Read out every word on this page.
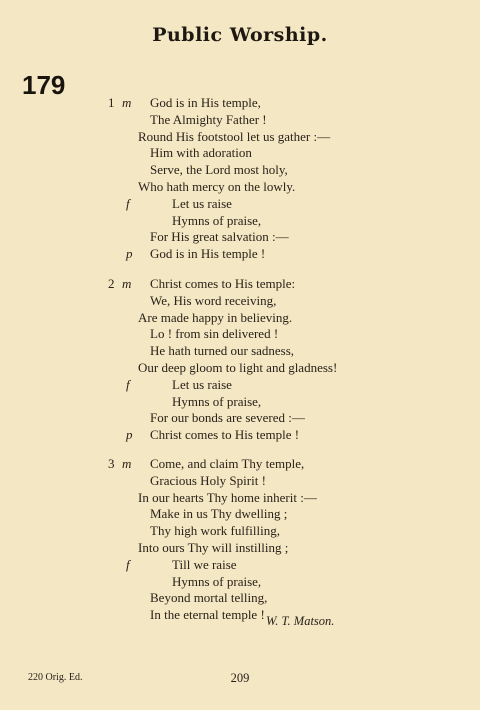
Public Worship.
179
1 m God is in His temple,
The Almighty Father !
Round His footstool let us gather :—
Him with adoration
Serve, the Lord most holy,
Who hath mercy on the lowly.
f	Let us raise
Hymns of praise,
For His great salvation :—
p God is in His temple !
2 m Christ comes to His temple:
We, His word receiving,
Are made happy in believing.
Lo ! from sin delivered !
He hath turned our sadness,
Our deep gloom to light and gladness!
f	Let us raise
Hymns of praise,
For our bonds are severed :—
p Christ comes to His temple !
3 m Come, and claim Thy temple,
Gracious Holy Spirit !
In our hearts Thy home inherit :—
Make in us Thy dwelling ;
Thy high work fulfilling,
Into ours Thy will instilling ;
f	Till we raise
Hymns of praise,
Beyond mortal telling,
In the eternal temple ! W. T. Matson.
220 Orig. Ed.	209
